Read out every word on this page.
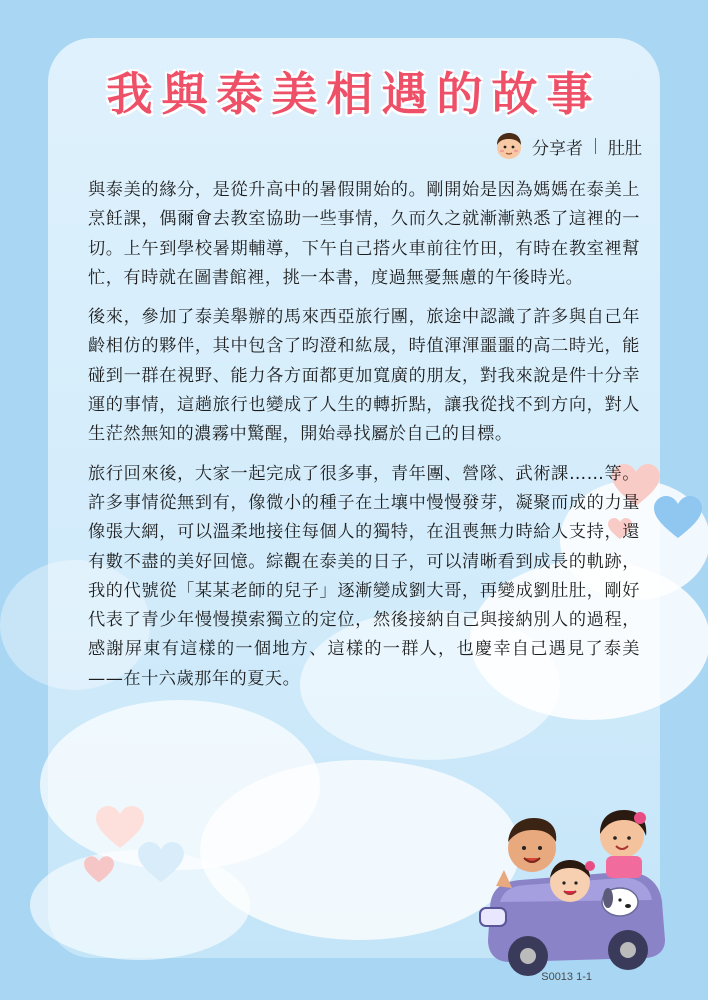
我與泰美相遇的故事
分享者 肚肚

與泰美的緣分，是從升高中的暑假開始的。剛開始是因為媽媽在泰美上烹飪課，偶爾會去教室協助一些事情，久而久之就漸漸熟悉了這裡的一切。上午到學校暑期輔導，下午自己搭火車前往竹田，有時在教室裡幫忙，有時就在圖書館裡，挑一本書，度過無憂無慮的午後時光。

後來，參加了泰美舉辦的馬來西亞旅行團，旅途中認識了許多與自己年齡相仿的夥伴，其中包含了昀澄和紘晟，時值渾渾噩噩的高二時光，能碰到一群在視野、能力各方面都更加寬廣的朋友，對我來說是件十分幸運的事情，這趟旅行也變成了人生的轉折點，讓我從找不到方向，對人生茫然無知的濃霧中驚醒，開始尋找屬於自己的目標。

旅行回來後，大家一起完成了很多事，青年團、營隊、武術課……等。許多事情從無到有，像微小的種子在土壤中慢慢發芽，凝聚而成的力量像張大網，可以溫柔地接住每個人的獨特，在沮喪無力時給人支持，還有數不盡的美好回憶。綜觀在泰美的日子，可以清晰看到成長的軌跡，我的代號從「某某老師的兒子」逐漸變成劉大哥，再變成劉肚肚，剛好代表了青少年慢慢摸索獨立的定位，然後接納自己與接納別人的過程，感謝屏東有這樣的一個地方、這樣的一群人，也慶幸自己遇見了泰美——在十六歲那年的夏天。

S0013 1-1
